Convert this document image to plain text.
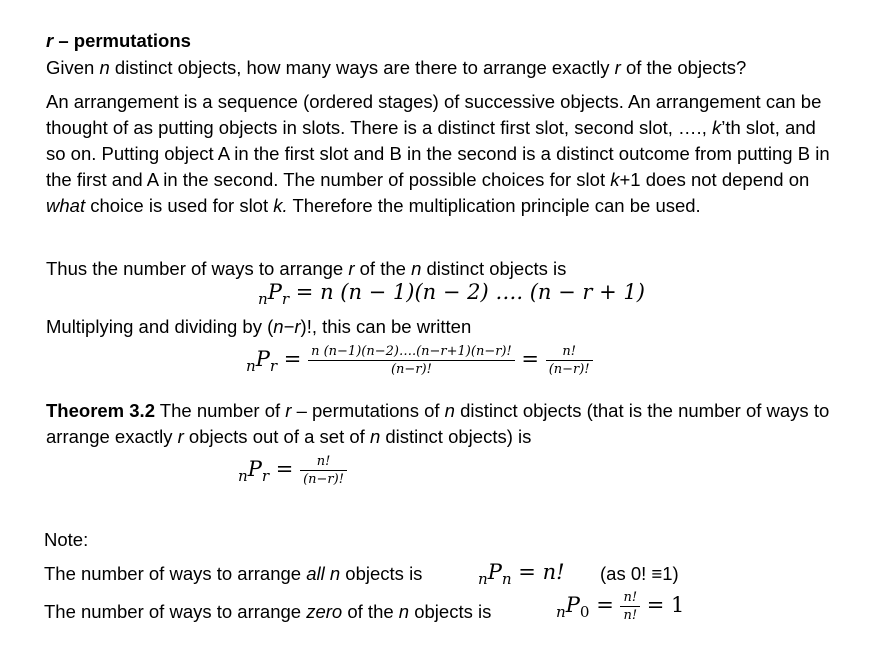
r – permutations
Given n distinct objects, how many ways are there to arrange exactly r of the objects?
An arrangement is a sequence (ordered stages) of successive objects. An arrangement can be thought of as putting objects in slots. There is a distinct first slot, second slot, …., k’th slot, and so on. Putting object A in the first slot and B in the second is a distinct outcome from putting B in the first and A in the second. The number of possible choices for slot k+1 does not depend on what choice is used for slot k. Therefore the multiplication principle can be used.
Thus the number of ways to arrange r of the n distinct objects is
$_nP_r = n$ (n − 1)(n − 2) …. (n − r + 1)
Multiplying and dividing by (n−r)!, this can be written
$_nP_r = \frac{n (n-1)(n-2)\dots.(n-r+1)(n-r)!}{(n-r)!} = \frac{n!}{(n-r)!}$
Theorem 3.2 The number of r – permutations of n distinct objects (that is the number of ways to arrange exactly r objects out of a set of n distinct objects) is
$_nP_r = \frac{n!}{(n-r)!}$
Note:
The number of ways to arrange all n objects is	$_nP_n = n$! (as 0! ≡1)
The number of ways to arrange zero of the n objects is	$_nP_0 = \frac{n!}{n!} = 1$
